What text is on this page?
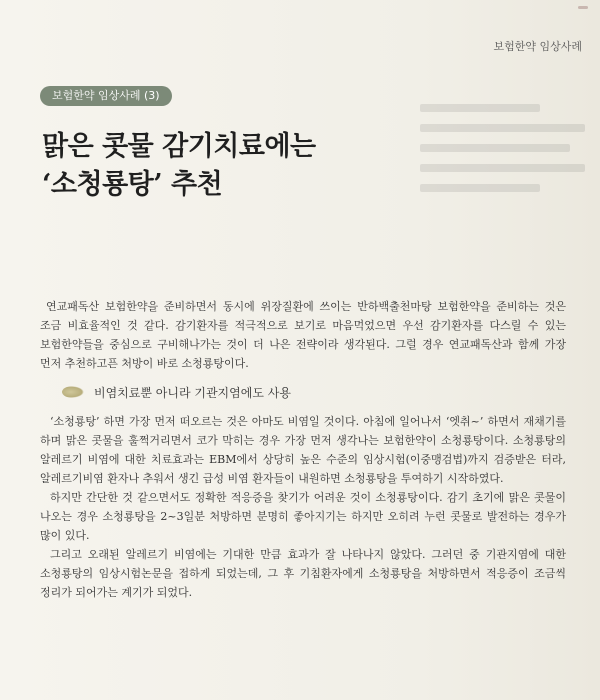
보험한약 임상사례
보험한약 임상사례 (3)
맑은 콧물 감기치료에는
‘소청룡탕’ 추천

연교패독산 보험한약을 준비하면서 동시에 위장질환에 쓰이는 반하백출천마탕 보험한약을 준비하는 것은 조금 비효율적인 것 같다. 감기환자를 적극적으로 보기로 마음먹었으면 우선 감기환자를 다스릴 수 있는 보험한약들을 중심으로 구비해나가는 것이 더 나은 전략이라 생각된다. 그럴 경우 연교패독산과 함께 가장 먼저 추천하고픈 처방이 바로 소청룡탕이다.

비염치료뿐 아니라 기관지염에도 사용

‘소청룡탕’ 하면 가장 먼저 떠오르는 것은 아마도 비염일 것이다. 아침에 일어나서 ‘엣취~’ 하면서 재채기를 하며 맑은 콧물을 훌쩍거리면서 코가 막히는 경우 가장 먼저 생각나는 보험한약이 소청룡탕이다. 소청룡탕의 알레르기 비염에 대한 치료효과는 EBM에서 상당히 높은 수준의 임상시험(이중맹검법)까지 검증받은 터라, 알레르기비염 환자나 추워서 생긴 급성 비염 환자들이 내원하면 소청룡탕을 투여하기 시작하였다.

하지만 간단한 것 같으면서도 정확한 적응증을 찾기가 어려운 것이 소청룡탕이다. 감기 초기에 맑은 콧물이 나오는 경우 소청룡탕을 2~3일분 처방하면 분명히 좋아지기는 하지만 오히려 누런 콧물로 발전하는 경우가 많이 있다.

그리고 오래된 알레르기 비염에는 기대한 만큼 효과가 잘 나타나지 않았다. 그러던 중 기관지염에 대한 소청룡탕의 임상시험논문을 접하게 되었는데, 그 후 기침환자에게 소청룡탕을 처방하면서 적응증이 조금씩 정리가 되어가는 계기가 되었다.
